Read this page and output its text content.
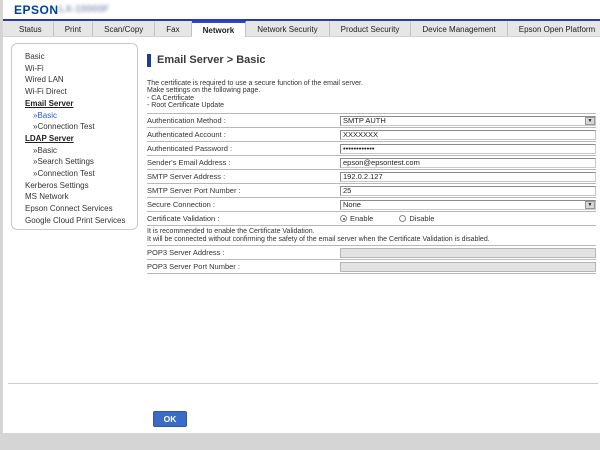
EPSON LX-10000F
Status	Print	Scan/Copy	Fax	Network	Network Security	Product Security	Device Management	Epson Open Platform
Basic
Wi-Fi
Wired LAN
Wi-Fi Direct
Email Server
»Basic
»Connection Test
LDAP Server
»Basic
»Search Settings
»Connection Test
Kerberos Settings
MS Network
Epson Connect Services
Google Cloud Print Services
Email Server > Basic
The certificate is required to use a secure function of the email server.
Make settings on the following page.
- CA Certificate
- Root Certificate Update
Authentication Method :	SMTP AUTH	▼
Authenticated Account :
XXXXXXX
Authenticated Password :
••••••••••••
Sender's Email Address :
epson@epsontest.com
SMTP Server Address :
192.0.2.127
SMTP Server Port Number :
25
Secure Connection :	None	▼
Certificate Validation :	Enable	Disable
It is recommended to enable the Certificate Validation.
It will be connected without confirming the safety of the email server when the Certificate Validation is disabled.
POP3 Server Address :
POP3 Server Port Number :
OK
